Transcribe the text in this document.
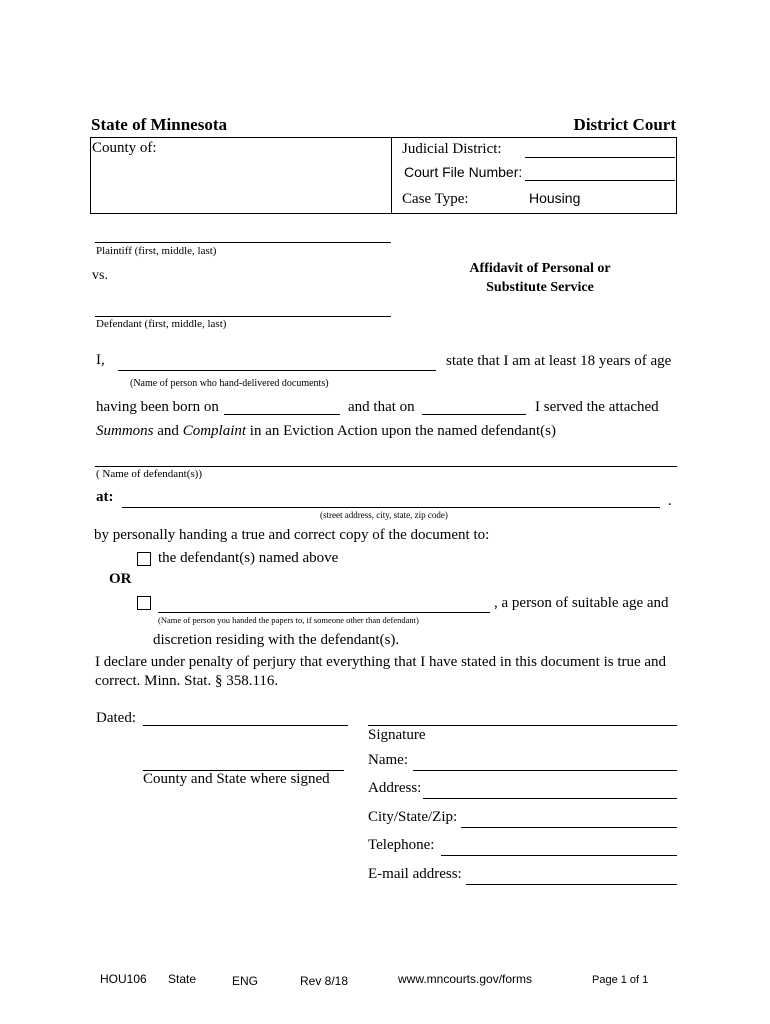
State of Minnesota	District Court
County of:	Judicial District:
Court File Number:
Case Type:	Housing
Plaintiff (first, middle, last)
vs.
Defendant (first, middle, last)
Affidavit of Personal or
Substitute Service
I,	state that I am at least 18 years of age
(Name of person who hand-delivered documents)
having been born on	and that on	I served the attached
Summons and Complaint in an Eviction Action upon the named defendant(s)
( Name of defendant(s))
at:	.
(street address, city, state, zip code)
by personally handing a true and correct copy of the document to:
the defendant(s) named above
OR
, a person of suitable age and
(Name of person you handed the papers to, if someone other than defendant)
discretion residing with the defendant(s).
I declare under penalty of perjury that everything that I have stated in this document is true and
correct. Minn. Stat. § 358.116.
Dated:
County and State where signed
Signature
Name:
Address:
City/State/Zip:
Telephone:
E-mail address:
HOU106 State	ENG	Rev 8/18	www.mncourts.gov/forms	Page 1 of 1
